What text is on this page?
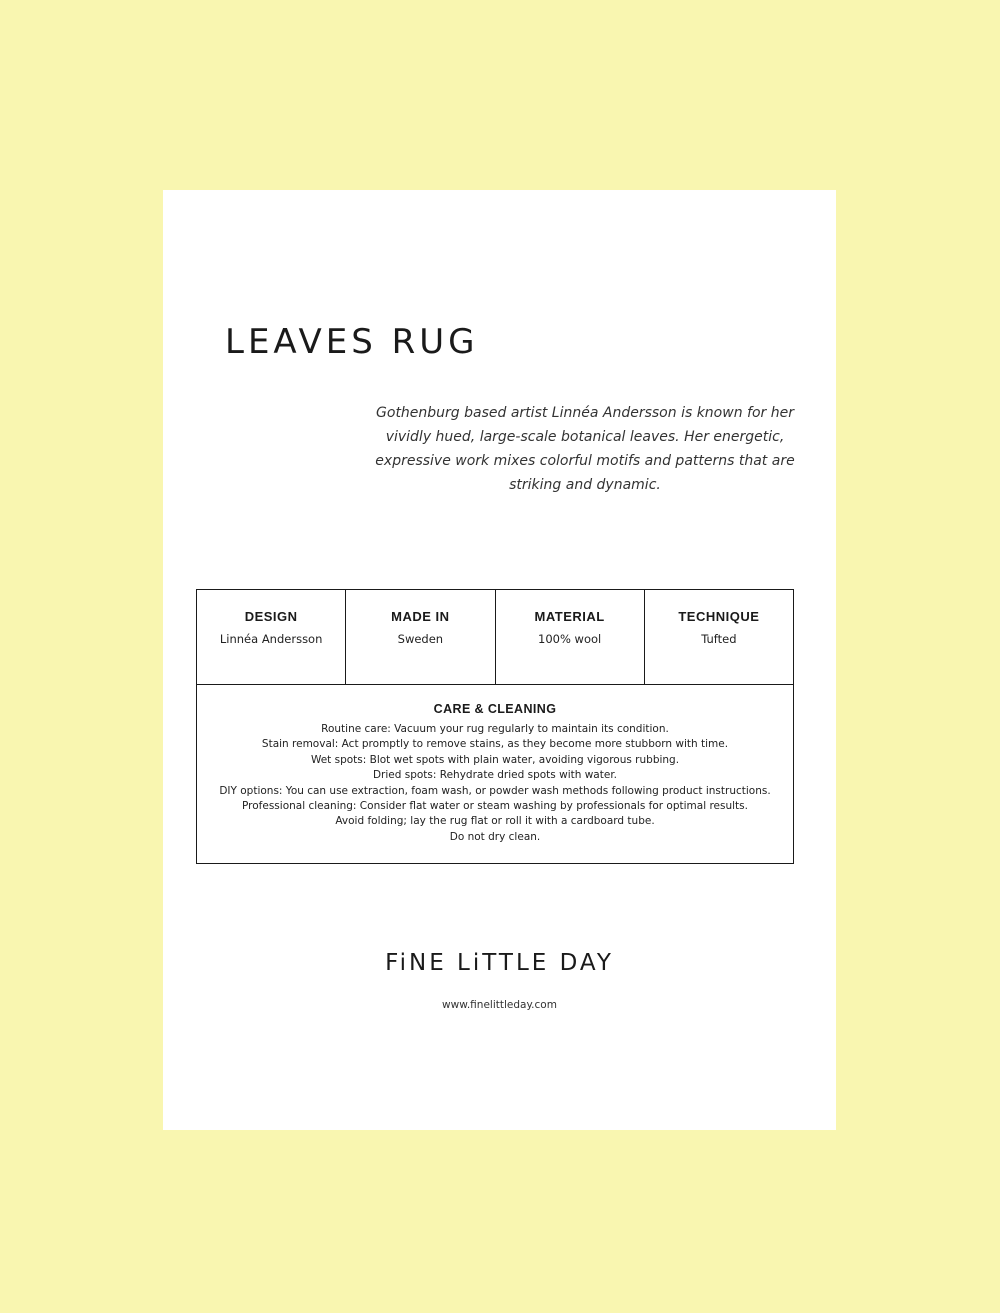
LEAVES RUG

Gothenburg based artist Linnéa Andersson is known for her vividly hued, large-scale botanical leaves. Her energetic, expressive work mixes colorful motifs and patterns that are striking and dynamic.

DESIGN
Linnéa Andersson
MADE IN
Sweden
MATERIAL
100% wool
TECHNIQUE
Tufted
CARE & CLEANING
Routine care: Vacuum your rug regularly to maintain its condition.
Stain removal: Act promptly to remove stains, as they become more stubborn with time.
Wet spots: Blot wet spots with plain water, avoiding vigorous rubbing.
Dried spots: Rehydrate dried spots with water.
DIY options: You can use extraction, foam wash, or powder wash methods following product instructions.
Professional cleaning: Consider flat water or steam washing by professionals for optimal results.
Avoid folding; lay the rug flat or roll it with a cardboard tube.
Do not dry clean.
FiNE LiTTLE DAY
www.finelittleday.com
